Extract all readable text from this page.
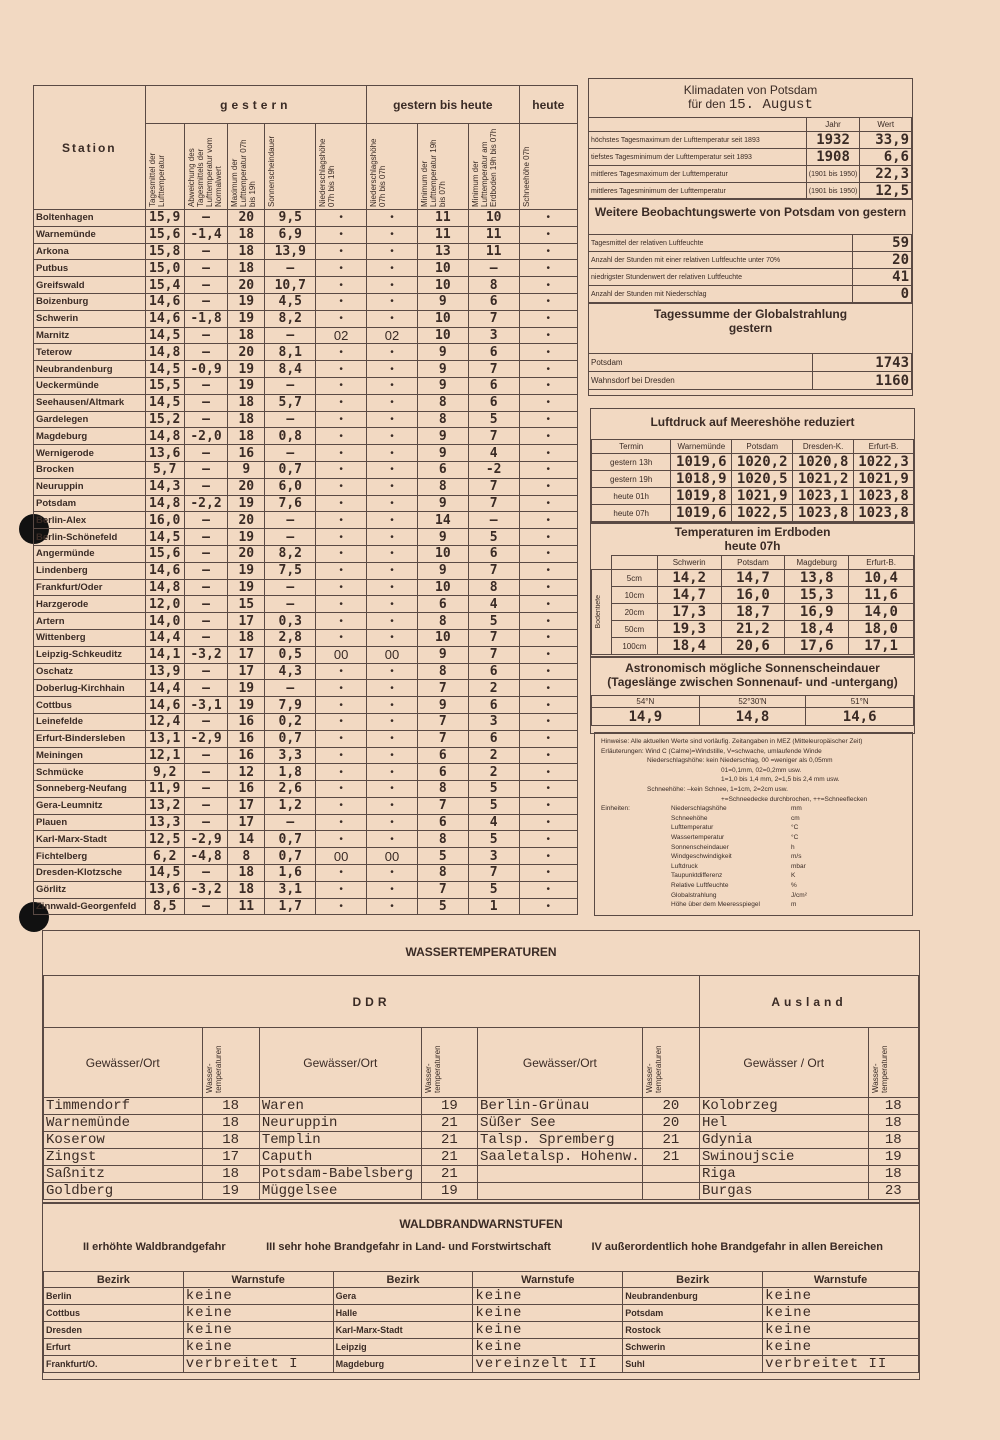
Station	gestern					gestern bis heute			heute

	Tagesmittel der Lufttemperatur	Abweichung des Tagesmittels der Lufttemperatur vom Normalwert	Maximum der Lufttemperatur 07h bis 19h	Sonnenscheindauer	Niederschlagshöhe 07h bis 19h	Niederschlagshöhe 07h bis 07h	Minimum der Lufttemperatur 19h bis 07h	Minimum der Lufttemperatur am Erdboden 19h bis 07h	Schneehöhe 07h

Boltenhagen	15,9	–	20	9,5	•	•	11	10	•
Warnemünde	15,6	-1,4	18	6,9	•	•	11	11	•
Arkona	15,8	–	18	13,9	•	•	13	11	•
Putbus	15,0	–	18	–	•	•	10	–	•
Greifswald	15,4	–	20	10,7	•	•	10	8	•
Boizenburg	14,6	–	19	4,5	•	•	9	6	•
Schwerin	14,6	-1,8	19	8,2	•	•	10	7	•
Marnitz	14,5	–	18	–	02	02	10	3	•
Teterow	14,8	–	20	8,1	•	•	9	6	•
Neubrandenburg	14,5	-0,9	19	8,4	•	•	9	7	•
Ueckermünde	15,5	–	19	–	•	•	9	6	•
Seehausen/Altmark	14,5	–	18	5,7	•	•	8	6	•
Gardelegen	15,2	–	18	–	•	•	8	5	•
Magdeburg	14,8	-2,0	18	0,8	•	•	9	7	•
Wernigerode	13,6	–	16	–	•	•	9	4	•
Brocken	5,7	–	9	0,7	•	•	6	-2	•
Neuruppin	14,3	–	20	6,0	•	•	8	7	•
Potsdam	14,8	-2,2	19	7,6	•	•	9	7	•
Berlin-Alex	16,0	–	20	–	•	•	14	–	•
Berlin-Schönefeld	14,5	–	19	–	•	•	9	5	•
Angermünde	15,6	–	20	8,2	•	•	10	6	•
Lindenberg	14,6	–	19	7,5	•	•	9	7	•
Frankfurt/Oder	14,8	–	19	–	•	•	10	8	•
Harzgerode	12,0	–	15	–	•	•	6	4	•
Artern	14,0	–	17	0,3	•	•	8	5	•
Wittenberg	14,4	–	18	2,8	•	•	10	7	•
Leipzig-Schkeuditz	14,1	-3,2	17	0,5	00	00	9	7	•
Oschatz	13,9	–	17	4,3	•	•	8	6	•
Doberlug-Kirchhain	14,4	–	19	–	•	•	7	2	•
Cottbus	14,6	-3,1	19	7,9	•	•	9	6	•
Leinefelde	12,4	–	16	0,2	•	•	7	3	•
Erfurt-Bindersleben	13,1	-2,9	16	0,7	•	•	7	6	•
Meiningen	12,1	–	16	3,3	•	•	6	2	•
Schmücke	9,2	–	12	1,8	•	•	6	2	•
Sonneberg-Neufang	11,9	–	16	2,6	•	•	8	5	•
Gera-Leumnitz	13,2	–	17	1,2	•	•	7	5	•
Plauen	13,3	–	17	–	•	•	6	4	•
Karl-Marx-Stadt	12,5	-2,9	14	0,7	•	•	8	5	•
Fichtelberg	6,2	-4,8	8	0,7	00	00	5	3	•
Dresden-Klotzsche	14,5	–	18	1,6	•	•	8	7	•
Görlitz	13,6	-3,2	18	3,1	•	•	7	5	•
Zinnwald-Georgenfeld	8,5	–	11	1,7	•	•	5	1	•
Klimadaten von Potsdam
für den 15. August
	Jahr	Wert
höchstes Tagesmaximum der Lufttemperatur seit 1893	1932	33,9
tiefstes Tagesminimum der Lufttemperatur seit 1893	1908	6,6
mittleres Tagesmaximum der Lufttemperatur	(1901 bis 1950)	22,3
mittleres Tagesminimum der Lufttemperatur	(1901 bis 1950)	12,5
Weitere Beobachtungswerte von Potsdam von gestern
Tagesmittel der relativen Luftfeuchte	59
Anzahl der Stunden mit einer relativen Luftfeuchte unter 70%	20
niedrigster Stundenwert der relativen Luftfeuchte	41
Anzahl der Stunden mit Niederschlag	0
Tagessumme der Globalstrahlung gestern
Potsdam	1743
Wahnsdorf bei Dresden	1160
Luftdruck auf Meereshöhe reduziert
Termin	Warnemünde	Potsdam	Dresden-K.	Erfurt-B.
gestern 13h	1019,6	1020,2	1020,8	1022,3
gestern 19h	1018,9	1020,5	1021,2	1021,9
heute 01h	1019,8	1021,9	1023,1	1023,8
heute 07h	1019,6	1022,5	1023,8	1023,8
Temperaturen im Erdboden heute 07h
		Schwerin	Potsdam	Magdeburg	Erfurt-B.

Bodentiefe	5cm	14,2	14,7	13,8	10,4
	10cm	14,7	16,0	15,3	11,6
	20cm	17,3	18,7	16,9	14,0
	50cm	19,3	21,2	18,4	18,0
	100cm	18,4	20,6	17,6	17,1
Astronomisch mögliche Sonnenscheindauer
(Tageslänge zwischen Sonnenauf- und -untergang)
54°N	52°30'N	51°N
14,9	14,8	14,6
Hinweise: Alle aktuellen Werte sind vorläufig. Zeitangaben in MEZ (Mitteleuropäischer Zeit)
Erläuterungen: Wind C (Calme)=Windstille, V=schwache, umlaufende Winde
Niederschlagshöhe: kein Niederschlag, 00 =weniger als 0,05mm
01=0,1mm, 02=0,2mm usw.
1=1,0 bis 1,4 mm, 2=1,5 bis 2,4 mm usw.
Schneehöhe: –kein Schnee, 1=1cm, 2=2cm usw.
+=Schneedecke durchbrochen, ++=Schneeflecken
Einheiten:	Niederschlagshöhe	mm
Schneehöhe	cm
Lufttemperatur	°C
Wassertemperatur	°C
Sonnenscheindauer	h
Windgeschwindigkeit	m/s
Luftdruck	mbar
Taupunktdifferenz	K
Relative Luftfeuchte	%
Globalstrahlung	J/cm²
Höhe über dem Meeresspiegel	m
WASSERTEMPERATUREN
DDR						Ausland	
Gewässer/Ort	Wasser-temperaturen	Gewässer/Ort	Wasser-temperaturen	Gewässer/Ort	Wasser-temperaturen	Gewässer / Ort	Wasser-temperaturen

Timmendorf	18	Waren	19	Berlin-Grünau	20	Kolobrzeg	18
Warnemünde	18	Neuruppin	21	Süßer See	20	Hel	18
Koserow	18	Templin	21	Talsp. Spremberg	21	Gdynia	18
Zingst	17	Caputh	21	Saaletalsp. Hohenw.	21	Swinoujscie	19
Saßnitz	18	Potsdam-Babelsberg	21			Riga	18
Goldberg	19	Müggelsee	19			Burgas	23
WALDBRANDWARNSTUFEN
II erhöhte Waldbrandgefahr	III sehr hohe Brandgefahr in Land- und Forstwirtschaft	IV außerordentlich hohe Brandgefahr in allen Bereichen
Bezirk	Warnstufe	Bezirk	Warnstufe	Bezirk	Warnstufe
Berlin	keine	Gera	keine	Neubrandenburg	keine
Cottbus	keine	Halle	keine	Potsdam	keine
Dresden	keine	Karl-Marx-Stadt	keine	Rostock	keine
Erfurt	keine	Leipzig	keine	Schwerin	keine
Frankfurt/O.	verbreitet I	Magdeburg	vereinzelt II	Suhl	verbreitet II
